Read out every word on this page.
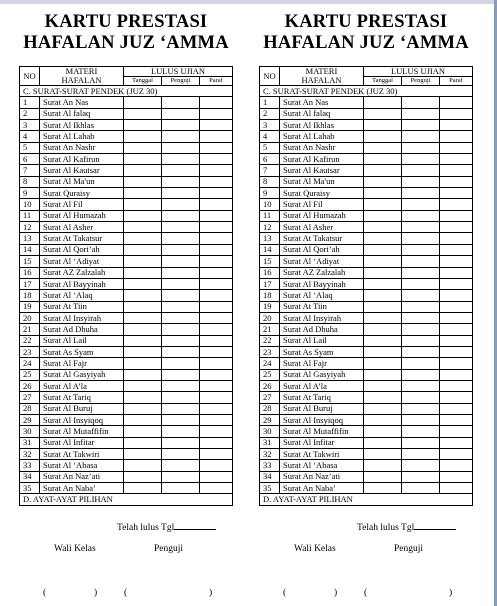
KARTU PRESTASI
HAFALAN JUZ ‘AMMA
NO	MATERI
HAFALAN	LULUS UJIAN		
		Tanggal	Penguji	Paraf
C. SURAT-SURAT PENDEK (JUZ 30)				
1	Surat An Nas			
2	Surat Al falaq			
3	Surat Al Ikhlas			
4	Surat Al Lahab			
5	Surat An Nashr			
6	Surat Al Kafirun			
7	Surat Al Kautsar			
8	Surat Al Ma'un			
9	Surat Quraisy			
10	Surat Al Fil			
11	Surat Al Humazah			
12	Surat Al Asher			
13	Surat At Takatsur			
14	Surat Al Qori’ah			
15	Surat Al ‘Adiyat			
16	Surat AZ Zalzalah			
17	Surat Al Bayyinah			
18	Surat Al ‘Alaq			
19	Surat At Tiin			
20	Surat Al Insyirah			
21	Surat Ad Dhuha			
22	Surat Al Lail			
23	Surat As Syam			
24	Surat Al Fajr			
25	Surat Al Gasyiyah			
26	Surat Al A’la			
27	Surat At Tariq			
28	Surat Al Buruj			
29	Surat Al Insyiqoq			
30	Surat Al Mutaffifin			
31	Surat Al Infitar			
32	Surat At Takwiri			
33	Surat Al ‘Abasa			
34	Surat An Naz’ati			
35	Surat An Naba’			
D. AYAT-AYAT PILIHAN				
KARTU PRESTASI
HAFALAN JUZ ‘AMMA
NO	MATERI
HAFALAN	LULUS UJIAN		
		Tanggal	Penguji	Paraf
C. SURAT-SURAT PENDEK (JUZ 30)				
1	Surat An Nas			
2	Surat Al falaq			
3	Surat Al Ikhlas			
4	Surat Al Lahab			
5	Surat An Nashr			
6	Surat Al Kafirun			
7	Surat Al Kautsar			
8	Surat Al Ma'un			
9	Surat Quraisy			
10	Surat Al Fil			
11	Surat Al Humazah			
12	Surat Al Asher			
13	Surat At Takatsur			
14	Surat Al Qori’ah			
15	Surat Al ‘Adiyat			
16	Surat AZ Zalzalah			
17	Surat Al Bayyinah			
18	Surat Al ‘Alaq			
19	Surat At Tiin			
20	Surat Al Insyirah			
21	Surat Ad Dhuha			
22	Surat Al Lail			
23	Surat As Syam			
24	Surat Al Fajr			
25	Surat Al Gasyiyah			
26	Surat Al A’la			
27	Surat At Tariq			
28	Surat Al Buruj			
29	Surat Al Insyiqoq			
30	Surat Al Mutaffifin			
31	Surat Al Infitar			
32	Surat At Takwiri			
33	Surat Al ‘Abasa			
34	Surat An Naz’ati			
35	Surat An Naba’			
D. AYAT-AYAT PILIHAN				
Telah lulus Tgl
Wali Kelas	Penguji
(	)	(	)
Telah lulus Tgl
Wali Kelas	Penguji
(	)	(	)
